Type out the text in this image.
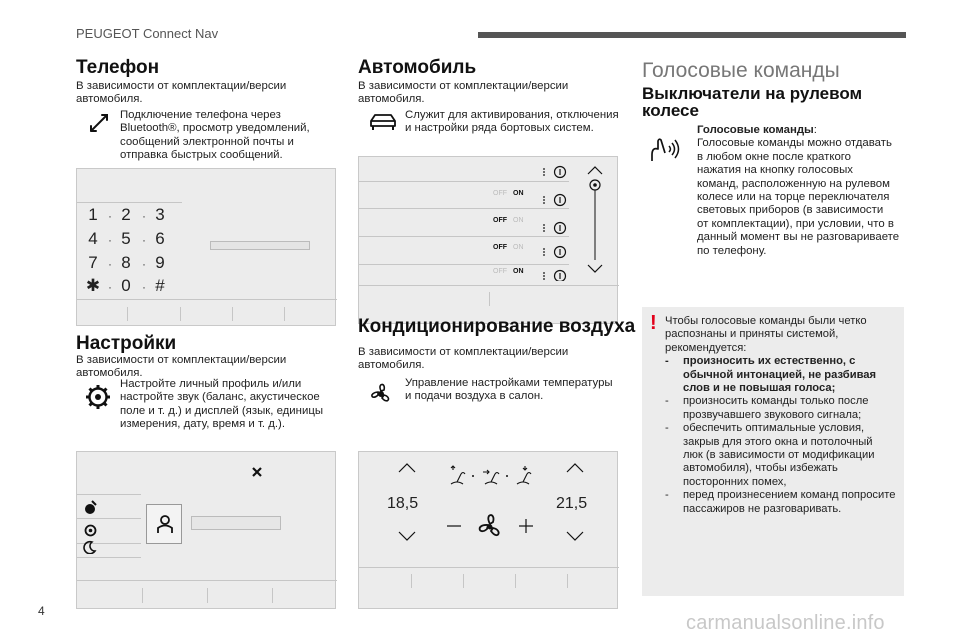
PEUGEOT Connect Nav
Телефон
В зависимости от комплектации/версии автомобиля.
Подключение телефона через
Bluetooth®, просмотр уведомлений,
сообщений электронной почты и
отправка быстрых сообщений.
1 · 2 · 3
4 · 5 · 6
7 · 8 · 9
✱ · 0 · #
Настройки
В зависимости от комплектации/версии автомобиля.
Настройте личный профиль и/или
настройте звук (баланс, акустическое
поле и т. д.) и дисплей (язык, единицы
измерения, дату, время и т. д.).
Автомобиль
В зависимости от комплектации/версии автомобиля.
Служит для активирования, отключения
и настройки ряда бортовых систем.
OFF ON
OFF ON
OFF ON
OFF ON
Кондиционирование воздуха
В зависимости от комплектации/версии автомобиля.
Управление настройками температуры
и подачи воздуха в салон.
18,5	21,5
Голосовые команды
Выключатели на рулевом
колесе
Голосовые команды:
Голосовые команды можно отдавать
в любом окне после краткого
нажатия на кнопку голосовых
команд, расположенную на рулевом
колесе или на торце переключателя
световых приборов (в зависимости
от комплектации), при условии, что в
данный момент вы не разговариваете
по телефону.
! Чтобы голосовые команды были четко
распознаны и приняты системой,
рекомендуется:
-	произносить их естественно, с
обычной интонацией, не разбивая
слов и не повышая голоса;
-	произносить команды только после
прозвучавшего звукового сигнала;
-	обеспечить оптимальные условия,
закрыв для этого окна и потолочный
люк (в зависимости от модификации
автомобиля), чтобы избежать
посторонних помех,
-	перед произнесением команд попросите
пассажиров не разговаривать.
4
carmanualsonline.info
